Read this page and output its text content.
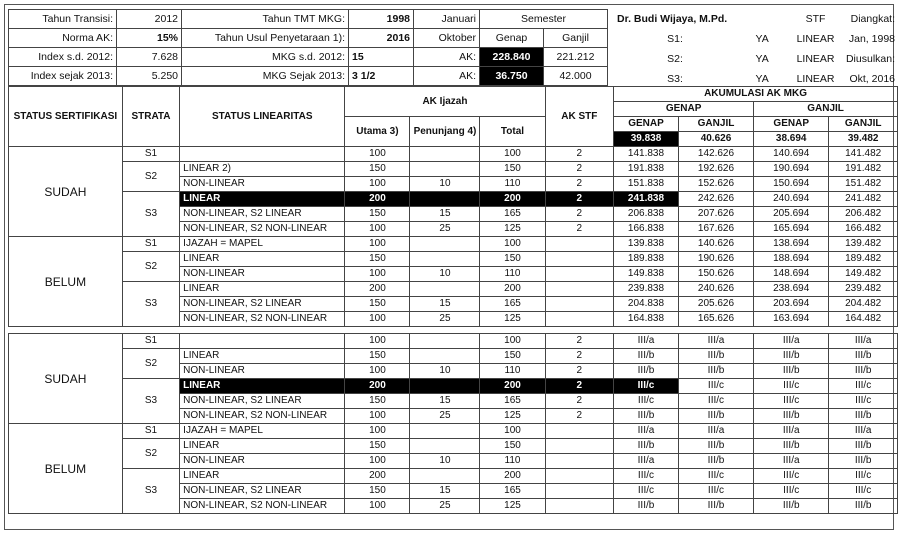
Tahun Transisi:	2012	Tahun TMT MKG:	1998	Januari	Semester	
Norma AK:	15%	Tahun Usul Penyetaraan 1):	2016	Oktober	Genap	Ganjil
Index s.d. 2012:	7.628	MKG s.d. 2012:	15	AK:	228.840	221.212
Index sejak 2013:	5.250	MKG Sejak 2013:	3 1/2	AK:	36.750	42.000
Dr. Budi Wijaya, M.Pd.		STF	Diangkat:
S1:	YA	LINEAR	Jan, 1998
S2:	YA	LINEAR	Diusulkan:
S3:	YA	LINEAR	Okt, 2016
STATUS SERTIFIKASI	STRATA	STATUS LINEARITAS	AK Ijazah			AK STF	AKUMULASI AK MKG			
							GENAP		GANJIL	
			Utama 3)	Penunjang 4)	Total		GENAP	GANJIL	GENAP	GANJIL
							39.838	40.626	38.694	39.482
SUDAH	S1		100		100	2	141.838	142.626	140.694	141.482
	S2	LINEAR 2)	150		150	2	191.838	192.626	190.694	191.482
		NON-LINEAR	100	10	110	2	151.838	152.626	150.694	151.482
	S3	LINEAR	200		200	2	241.838	242.626	240.694	241.482
		NON-LINEAR, S2 LINEAR	150	15	165	2	206.838	207.626	205.694	206.482
		NON-LINEAR, S2 NON-LINEAR	100	25	125	2	166.838	167.626	165.694	166.482
BELUM	S1	IJAZAH = MAPEL	100		100		139.838	140.626	138.694	139.482
	S2	LINEAR	150		150		189.838	190.626	188.694	189.482
		NON-LINEAR	100	10	110		149.838	150.626	148.694	149.482
	S3	LINEAR	200		200		239.838	240.626	238.694	239.482
		NON-LINEAR, S2 LINEAR	150	15	165		204.838	205.626	203.694	204.482
		NON-LINEAR, S2 NON-LINEAR	100	25	125		164.838	165.626	163.694	164.482

SUDAH	S1		100		100	2	III/a	III/a	III/a	III/a
	S2	LINEAR	150		150	2	III/b	III/b	III/b	III/b
		NON-LINEAR	100	10	110	2	III/b	III/b	III/b	III/b
	S3	LINEAR	200		200	2	III/c	III/c	III/c	III/c
		NON-LINEAR, S2 LINEAR	150	15	165	2	III/c	III/c	III/c	III/c
		NON-LINEAR, S2 NON-LINEAR	100	25	125	2	III/b	III/b	III/b	III/b
BELUM	S1	IJAZAH = MAPEL	100		100		III/a	III/a	III/a	III/a
	S2	LINEAR	150		150		III/b	III/b	III/b	III/b
		NON-LINEAR	100	10	110		III/a	III/b	III/a	III/b
	S3	LINEAR	200		200		III/c	III/c	III/c	III/c
		NON-LINEAR, S2 LINEAR	150	15	165		III/c	III/c	III/c	III/c
		NON-LINEAR, S2 NON-LINEAR	100	25	125		III/b	III/b	III/b	III/b
